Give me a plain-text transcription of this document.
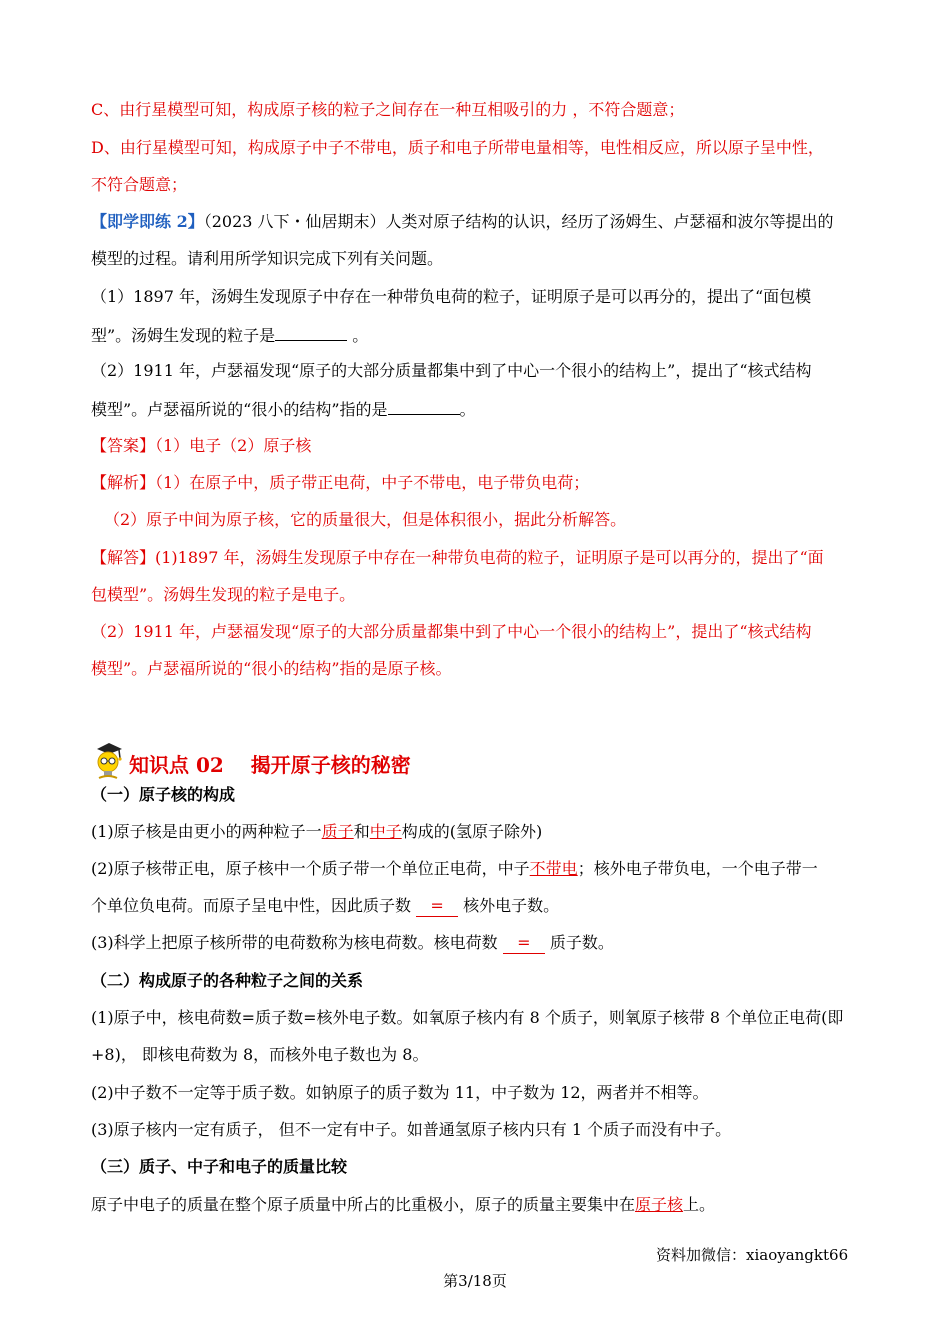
C、由行星模型可知，构成原子核的粒子之间存在一种互相吸引的力 ，不符合题意；
D、由行星模型可知，构成原子中子不带电，质子和电子所带电量相等，电性相反应，所以原子呈中性，
不符合题意；
【即学即练 2】（2023 八下・仙居期末）人类对原子结构的认识，经历了汤姆生、卢瑟福和波尔等提出的
模型的过程。请利用所学知识完成下列有关问题。
（1）1897 年，汤姆生发现原子中存在一种带负电荷的粒子，证明原子是可以再分的，提出了“面包模
型”。汤姆生发现的粒子是	。
（2）1911 年，卢瑟福发现“原子的大部分质量都集中到了中心一个很小的结构上”，提出了“核式结构
模型”。卢瑟福所说的“很小的结构”指的是	。
【答案】（1）电子（2）原子核
【解析】（1）在原子中，质子带正电荷，中子不带电，电子带负电荷；
（2）原子中间为原子核，它的质量很大，但是体积很小，据此分析解答。
【解答】(1)1897 年，汤姆生发现原子中存在一种带负电荷的粒子，证明原子是可以再分的，提出了“面
包模型”。汤姆生发现的粒子是电子。
（2）1911 年，卢瑟福发现“原子的大部分质量都集中到了中心一个很小的结构上”，提出了“核式结构
模型”。卢瑟福所说的“很小的结构”指的是原子核。
知识点 02　 揭开原子核的秘密
（一）原子核的构成
(1)原子核是由更小的两种粒子一质子和中子构成的(氢原子除外)
(2)原子核带正电，原子核中一个质子带一个单位正电荷，中子不带电；核外电子带负电，一个电子带一
个单位负电荷。而原子呈电中性，因此质子数 = 核外电子数。
(3)科学上把原子核所带的电荷数称为核电荷数。核电荷数 = 质子数。
（二）构成原子的各种粒子之间的关系
(1)原子中，核电荷数=质子数=核外电子数。如氧原子核内有 8 个质子，则氧原子核带 8 个单位正电荷(即
+8)， 即核电荷数为 8，而核外电子数也为 8。
(2)中子数不一定等于质子数。如钠原子的质子数为 11，中子数为 12，两者并不相等。
(3)原子核内一定有质子， 但不一定有中子。如普通氢原子核内只有 1 个质子而没有中子。
（三）质子、中子和电子的质量比较
原子中电子的质量在整个原子质量中所占的比重极小，原子的质量主要集中在原子核上。
资料加微信：xiaoyangkt66
第3/18页
